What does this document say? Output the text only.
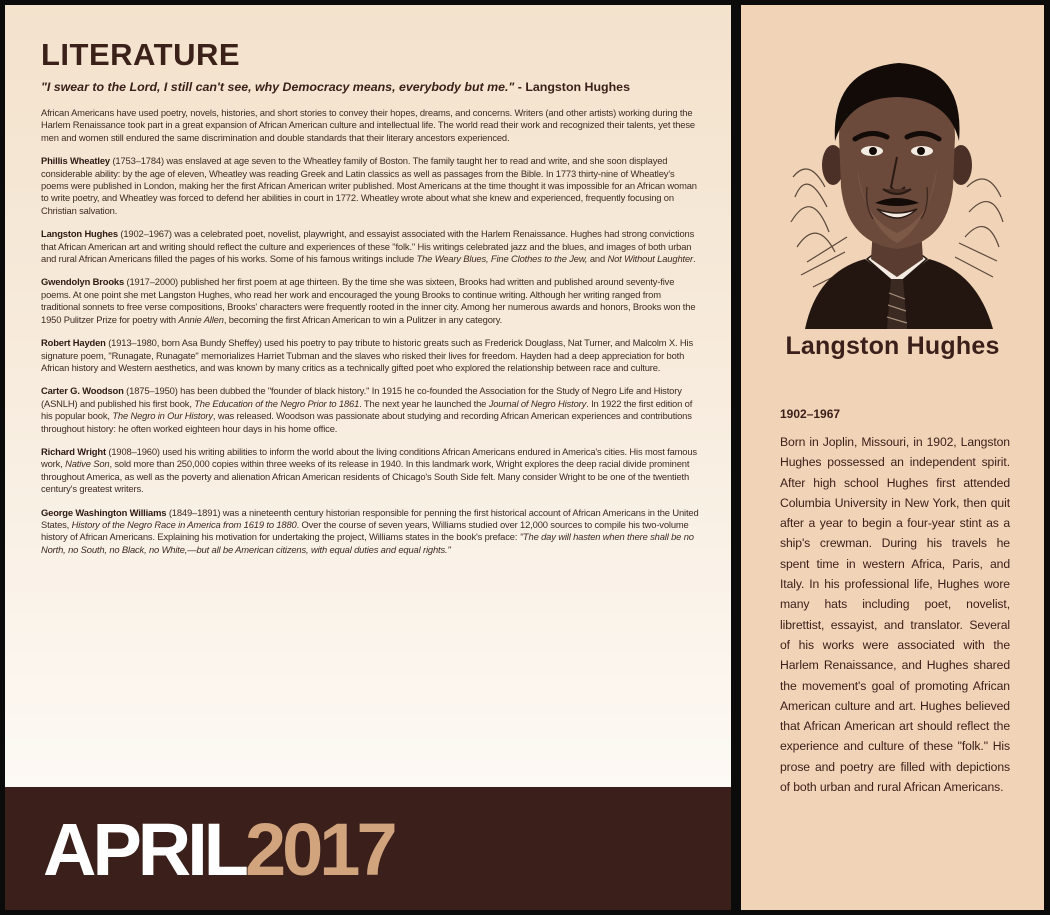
LITERATURE
"I swear to the Lord, I still can't see, why Democracy means, everybody but me." - Langston Hughes

African Americans have used poetry, novels, histories, and short stories to convey their hopes, dreams, and concerns. Writers (and other artists) working during the Harlem Renaissance took part in a great expansion of African American culture and intellectual life. The world read their work and recognized their talents, yet these men and women still endured the same discrimination and double standards that their literary ancestors experienced.

Phillis Wheatley (1753–1784) was enslaved at age seven to the Wheatley family of Boston. The family taught her to read and write, and she soon displayed considerable ability: by the age of eleven, Wheatley was reading Greek and Latin classics as well as passages from the Bible. In 1773 thirty-nine of Wheatley's poems were published in London, making her the first African American writer published. Most Americans at the time thought it was impossible for an African woman to write poetry, and Wheatley was forced to defend her abilities in court in 1772. Wheatley wrote about what she knew and experienced, frequently focusing on Christian salvation.

Langston Hughes (1902–1967) was a celebrated poet, novelist, playwright, and essayist associated with the Harlem Renaissance. Hughes had strong convictions that African American art and writing should reflect the culture and experiences of these "folk." His writings celebrated jazz and the blues, and images of both urban and rural African Americans filled the pages of his works. Some of his famous writings include The Weary Blues, Fine Clothes to the Jew, and Not Without Laughter.

Gwendolyn Brooks (1917–2000) published her first poem at age thirteen. By the time she was sixteen, Brooks had written and published around seventy-five poems. At one point she met Langston Hughes, who read her work and encouraged the young Brooks to continue writing. Although her writing ranged from traditional sonnets to free verse compositions, Brooks' characters were frequently rooted in the inner city. Among her numerous awards and honors, Brooks won the 1950 Pulitzer Prize for poetry with Annie Allen, becoming the first African American to win a Pulitzer in any category.

Robert Hayden (1913–1980, born Asa Bundy Sheffey) used his poetry to pay tribute to historic greats such as Frederick Douglass, Nat Turner, and Malcolm X. His signature poem, "Runagate, Runagate" memorializes Harriet Tubman and the slaves who risked their lives for freedom. Hayden had a deep appreciation for both African history and Western aesthetics, and was known by many critics as a technically gifted poet who explored the relationship between race and culture.

Carter G. Woodson (1875–1950) has been dubbed the "founder of black history." In 1915 he co-founded the Association for the Study of Negro Life and History (ASNLH) and published his first book, The Education of the Negro Prior to 1861. The next year he launched the Journal of Negro History. In 1922 the first edition of his popular book, The Negro in Our History, was released. Woodson was passionate about studying and recording African American experiences and contributions throughout history: he often worked eighteen hour days in his home office.

Richard Wright (1908–1960) used his writing abilities to inform the world about the living conditions African Americans endured in America's cities. His most famous work, Native Son, sold more than 250,000 copies within three weeks of its release in 1940. In this landmark work, Wright explores the deep racial divide prominent throughout America, as well as the poverty and alienation African American residents of Chicago's South Side felt. Many consider Wright to be one of the twentieth century's greatest writers.

George Washington Williams (1849–1891) was a nineteenth century historian responsible for penning the first historical account of African Americans in the United States, History of the Negro Race in America from 1619 to 1880. Over the course of seven years, Williams studied over 12,000 sources to compile his two-volume history of African Americans. Explaining his motivation for undertaking the project, Williams states in the book's preface: "The day will hasten when there shall be no North, no South, no Black, no White,—but all be American citizens, with equal duties and equal rights."

APRIL2017
Langston Hughes
1902–1967
Born in Joplin, Missouri, in 1902, Langston Hughes possessed an independent spirit. After high school Hughes first attended Columbia University in New York, then quit after a year to begin a four-year stint as a ship's crewman. During his travels he spent time in western Africa, Paris, and Italy. In his professional life, Hughes wore many hats including poet, novelist, librettist, essayist, and translator. Several of his works were associated with the Harlem Renaissance, and Hughes shared the movement's goal of promoting African American culture and art. Hughes believed that African American art should reflect the experience and culture of these "folk." His prose and poetry are filled with depictions of both urban and rural African Americans.
